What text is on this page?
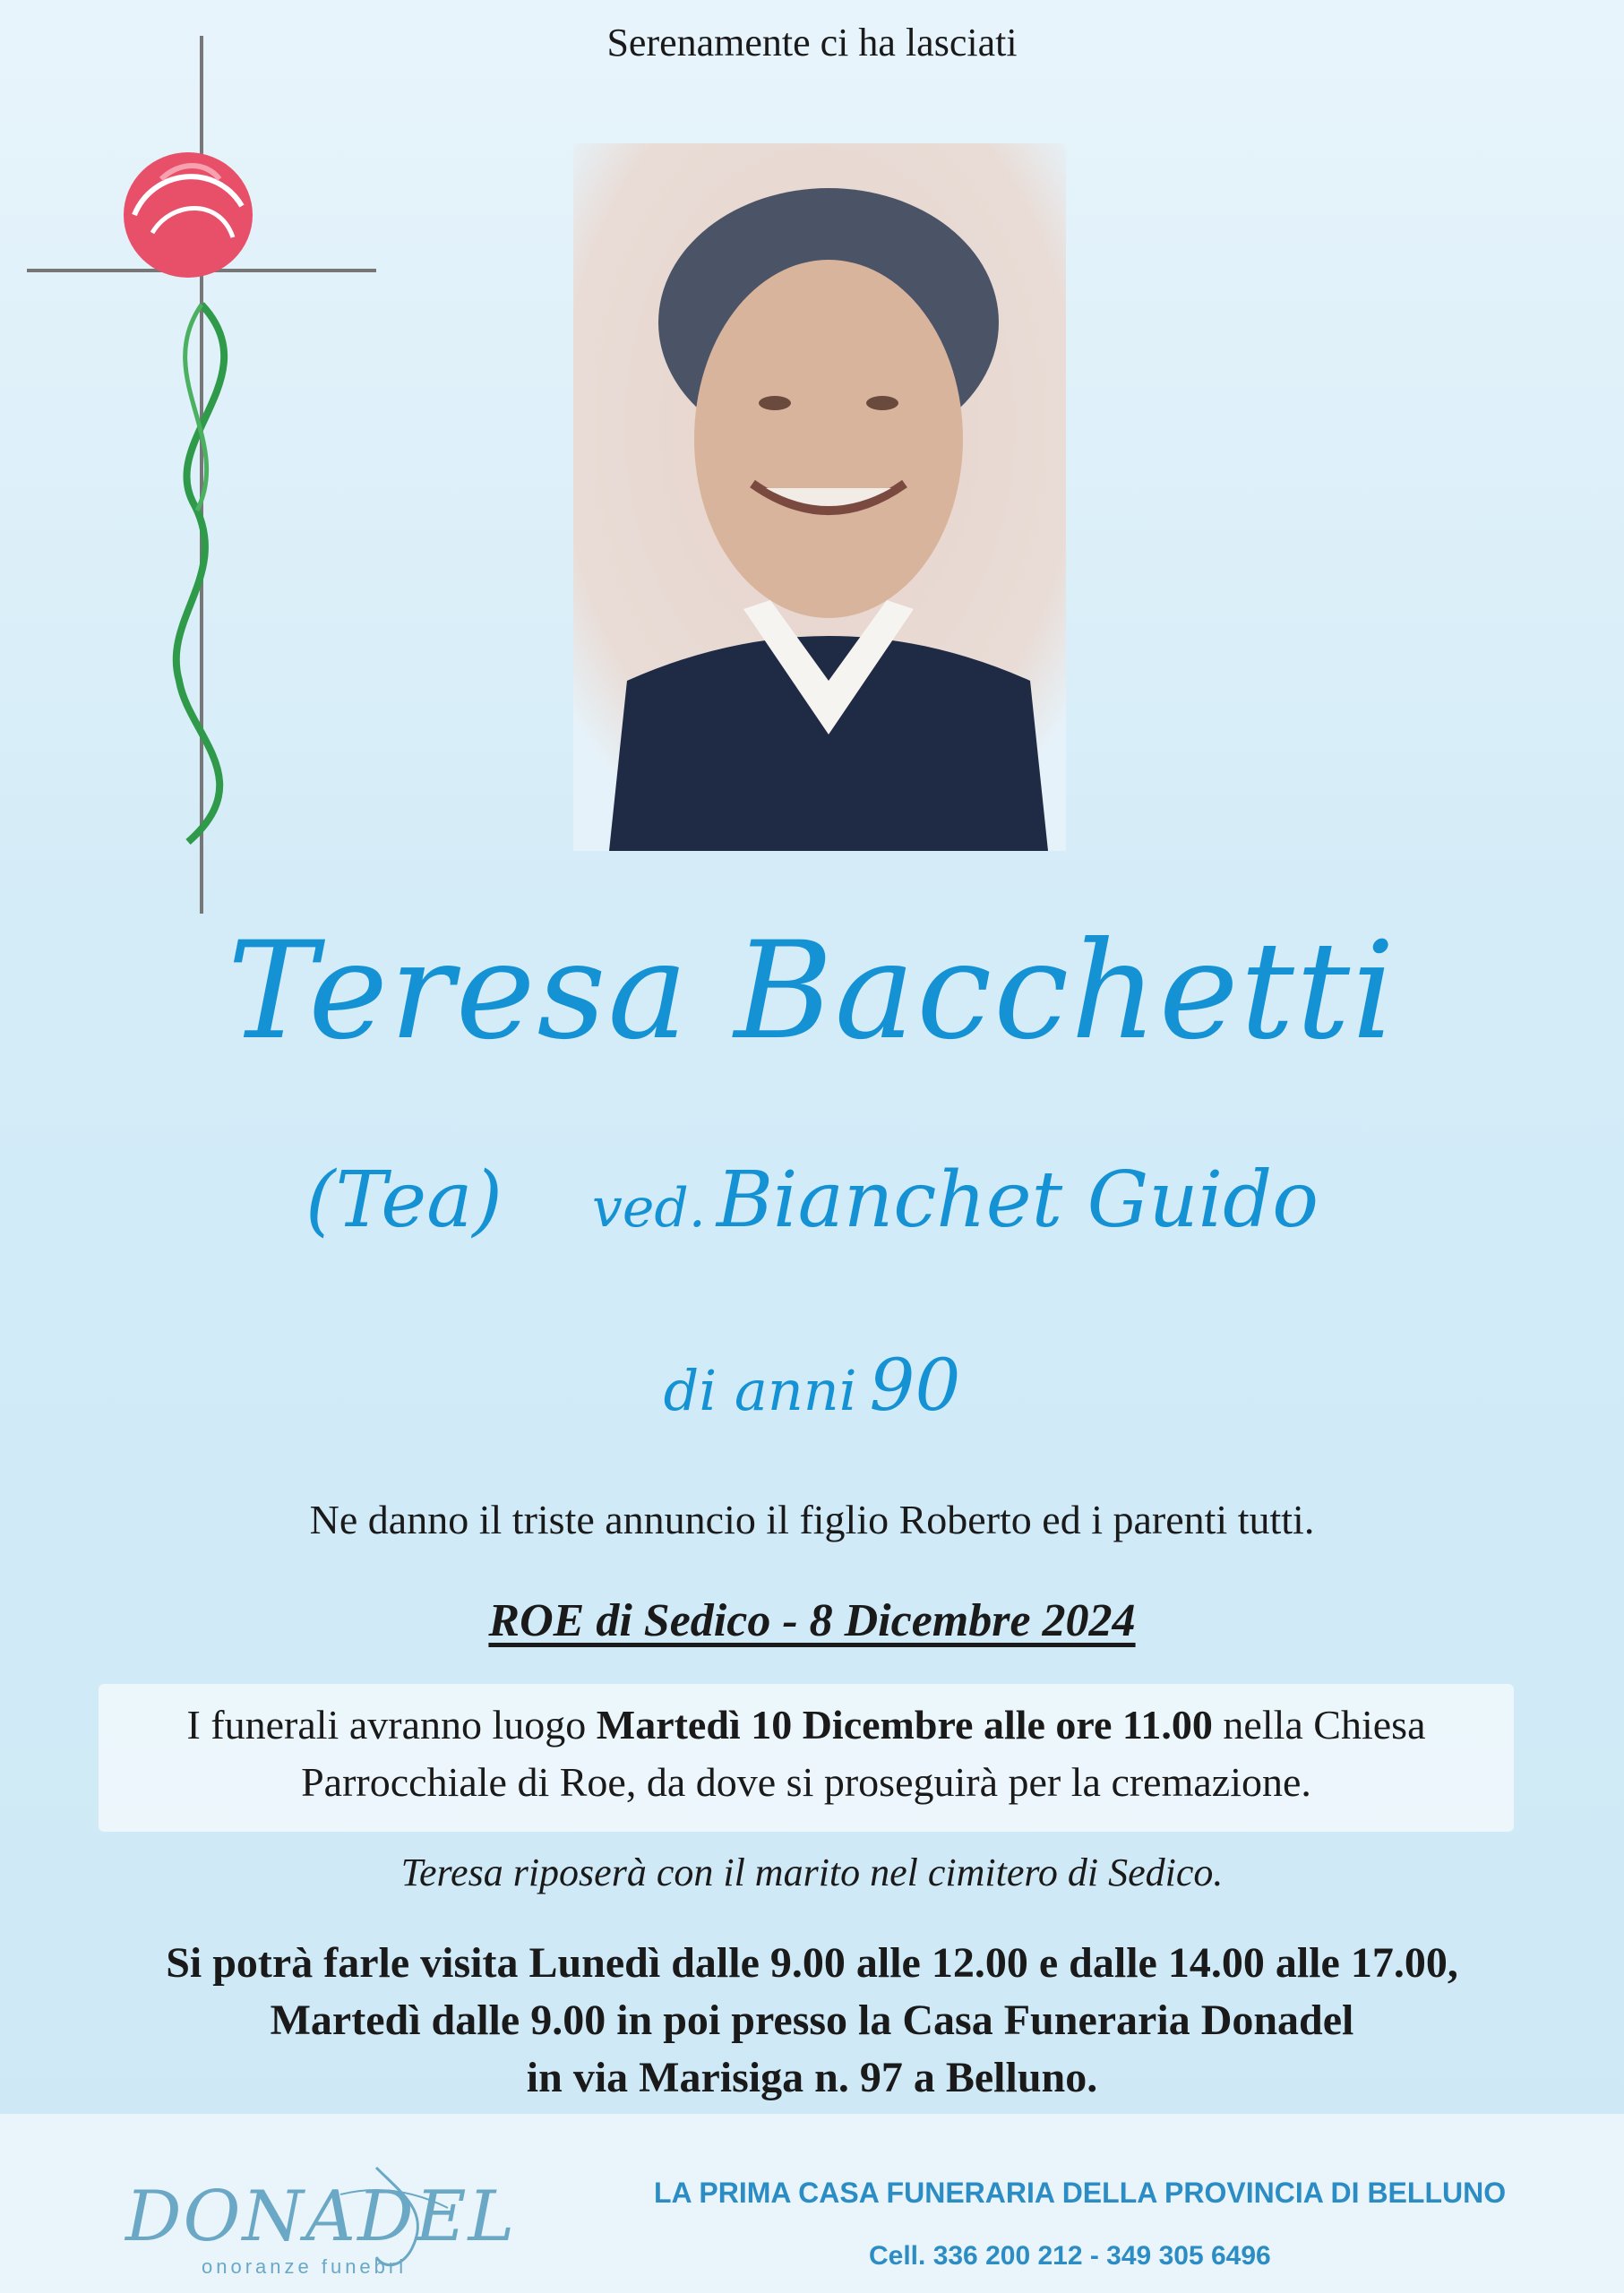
Serenamente ci ha lasciati
Teresa Bacchetti
(Tea) ved. Bianchet Guido
di anni 90
Ne danno il triste annuncio il figlio Roberto ed i parenti tutti.
ROE di Sedico - 8 Dicembre 2024
I funerali avranno luogo Martedì 10 Dicembre alle ore 11.00 nella Chiesa
Parrocchiale di Roe, da dove si proseguirà per la cremazione.
Teresa riposerà con il marito nel cimitero di Sedico.
Si potrà farle visita Lunedì dalle 9.00 alle 12.00 e dalle 14.00 alle 17.00,
Martedì dalle 9.00 in poi presso la Casa Funeraria Donadel
in via Marisiga n. 97 a Belluno.
DONADEL
onoranze funebri
LA PRIMA CASA FUNERARIA DELLA PROVINCIA DI BELLUNO
Cell. 336 200 212 - 349 305 6496
